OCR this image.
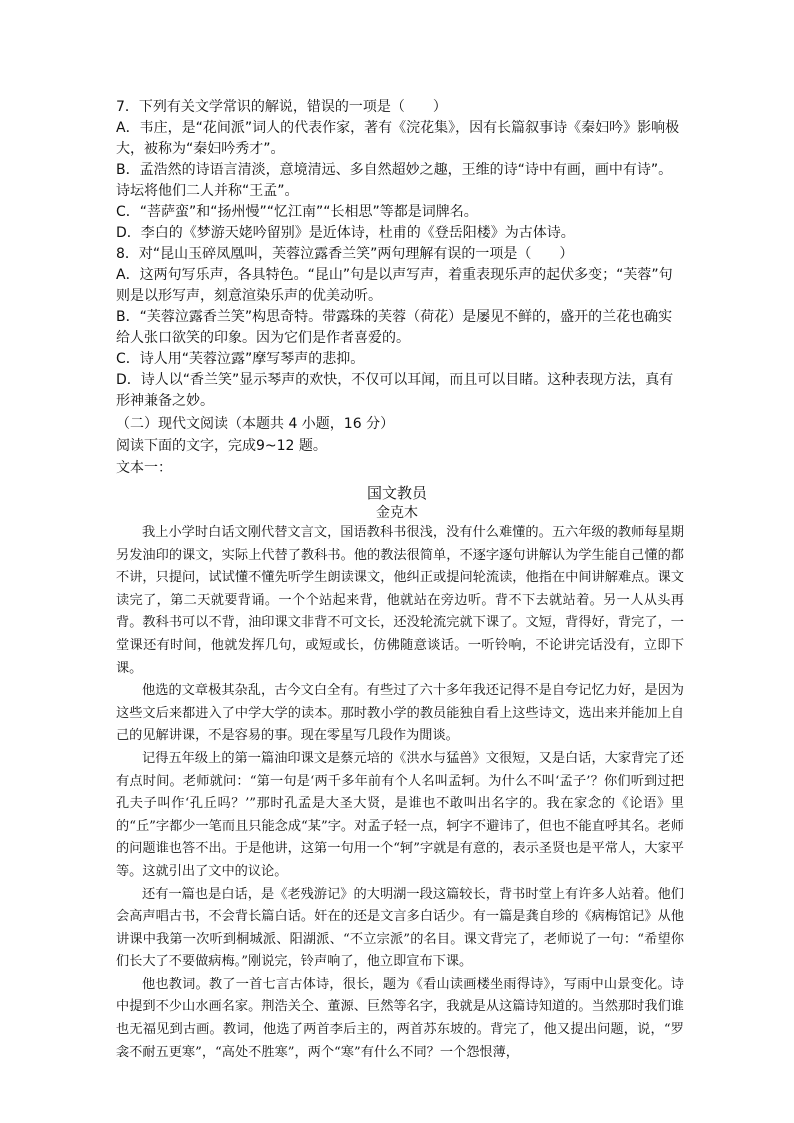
7．下列有关文学常识的解说，错误的一项是（　　）

A．韦庄，是“花间派”词人的代表作家，著有《浣花集》，因有长篇叙事诗《秦妇吟》影响极大，被称为“秦妇吟秀才”。

B．孟浩然的诗语言清淡，意境清远、多自然超妙之趣，王维的诗“诗中有画，画中有诗”。诗坛将他们二人并称“王孟”。

C．“菩萨蛮”和“扬州慢”“忆江南”“长相思”等都是词牌名。

D．李白的《梦游天姥吟留别》是近体诗，杜甫的《登岳阳楼》为古体诗。

8．对“昆山玉碎凤凰叫，芙蓉泣露香兰笑”两句理解有误的一项是（　　）

A．这两句写乐声，各具特色。“昆山”句是以声写声，着重表现乐声的起伏多变；“芙蓉”句则是以形写声，刻意渲染乐声的优美动听。

B．“芙蓉泣露香兰笑”构思奇特。带露珠的芙蓉（荷花）是屡见不鲜的，盛开的兰花也确实给人张口欲笑的印象。因为它们是作者喜爱的。

C．诗人用“芙蓉泣露”摩写琴声的悲抑。

D．诗人以“香兰笑”显示琴声的欢快，不仅可以耳闻，而且可以目睹。这种表现方法，真有形神兼备之妙。

（二）现代文阅读（本题共 4 小题，16 分）

阅读下面的文字，完成9~12 题。

文本一：

国文教员
金克木

我上小学时白话文刚代替文言文，国语教科书很浅，没有什么难懂的。五六年级的教师每星期另发油印的课文，实际上代替了教科书。他的教法很简单，不逐字逐句讲解认为学生能自己懂的都不讲，只提问，试试懂不懂先听学生朗读课文，他纠正或提问轮流读，他指在中间讲解难点。课文读完了，第二天就要背诵。一个个站起来背，他就站在旁边听。背不下去就站着。另一人从头再背。教科书可以不背，油印课文非背不可文长，还没轮流完就下课了。文短，背得好，背完了，一堂课还有时间，他就发挥几句，或短或长，仿佛随意谈话。一听铃响，不论讲完话没有，立即下课。

他选的文章极其杂乱，古今文白全有。有些过了六十多年我还记得不是自夸记忆力好，是因为这些文后来都进入了中学大学的读本。那时教小学的教员能独自看上这些诗文，选出来并能加上自己的见解讲课，不是容易的事。现在零星写几段作为閒谈。

记得五年级上的第一篇油印课文是蔡元培的《洪水与猛兽》文很短，又是白话，大家背完了还有点时间。老师就问：“第一句是‘两千多年前有个人名叫孟轲。为什么不叫‘孟子’？你们听到过把孔夫子叫作‘孔丘吗？’”那时孔孟是大圣大贤，是谁也不敢叫出名字的。我在家念的《论语》里的“丘”字都少一笔而且只能念成“某”字。对孟子轻一点，轲字不避讳了，但也不能直呼其名。老师的问题谁也答不出。于是他讲，这第一句用一个“轲”字就是有意的，表示圣贤也是平常人，大家平等。这就引出了文中的议论。

还有一篇也是白话，是《老残游记》的大明湖一段这篇较长，背书时堂上有许多人站着。他们会高声唱古书，不会背长篇白话。奸在的还是文言多白话少。有一篇是龚自珍的《病梅馆记》从他讲课中我第一次听到桐城派、阳湖派、“不立宗派”的名目。课文背完了，老师说了一句：“希望你们长大了不要做病梅。”刚说完，铃声响了，他立即宣布下课。

他也教词。教了一首七言古体诗，很长，题为《看山读画楼坐雨得诗》，写雨中山景变化。诗中提到不少山水画名家。荆浩关仝、董源、巨然等名字，我就是从这篇诗知道的。当然那时我们谁也无福见到古画。教词，他选了两首李后主的，两首苏东坡的。背完了，他又提出问题，说，“罗衾不耐五更寒”，“高处不胜寒”，两个“寒”有什么不同？一个怨恨薄，
